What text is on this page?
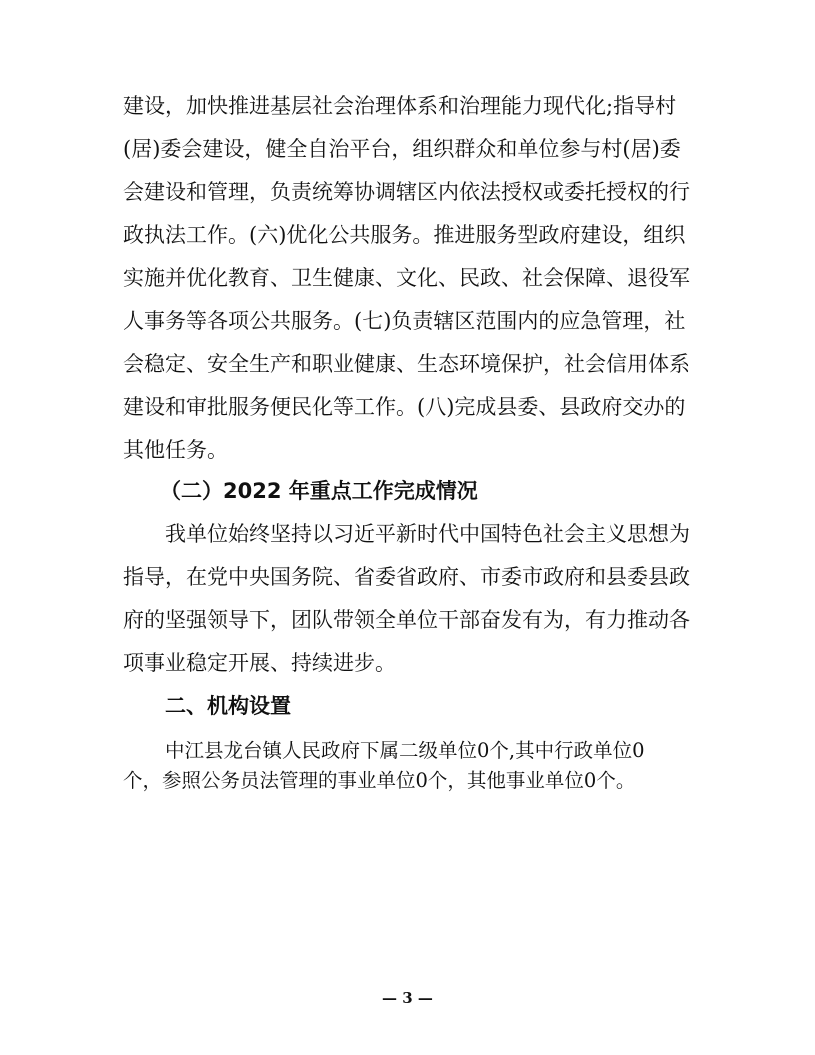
建设，加快推进基层社会治理体系和治理能力现代化;指导村
(居)委会建设，健全自治平台，组织群众和单位参与村(居)委
会建设和管理，负责统筹协调辖区内依法授权或委托授权的行
政执法工作。(六)优化公共服务。推进服务型政府建设，组织
实施并优化教育、卫生健康、文化、民政、社会保障、退役军
人事务等各项公共服务。(七)负责辖区范围内的应急管理，社
会稳定、安全生产和职业健康、生态环境保护，社会信用体系
建设和审批服务便民化等工作。(八)完成县委、县政府交办的
其他任务。
（二）2022 年重点工作完成情况
我单位始终坚持以习近平新时代中国特色社会主义思想为
指导，在党中央国务院、省委省政府、市委市政府和县委县政
府的坚强领导下，团队带领全单位干部奋发有为，有力推动各
项事业稳定开展、持续进步。
二、机构设置
中江县龙台镇人民政府下属二级单位0个,其中行政单位0
个，参照公务员法管理的事业单位0个，其他事业单位0个。
— 3 —
